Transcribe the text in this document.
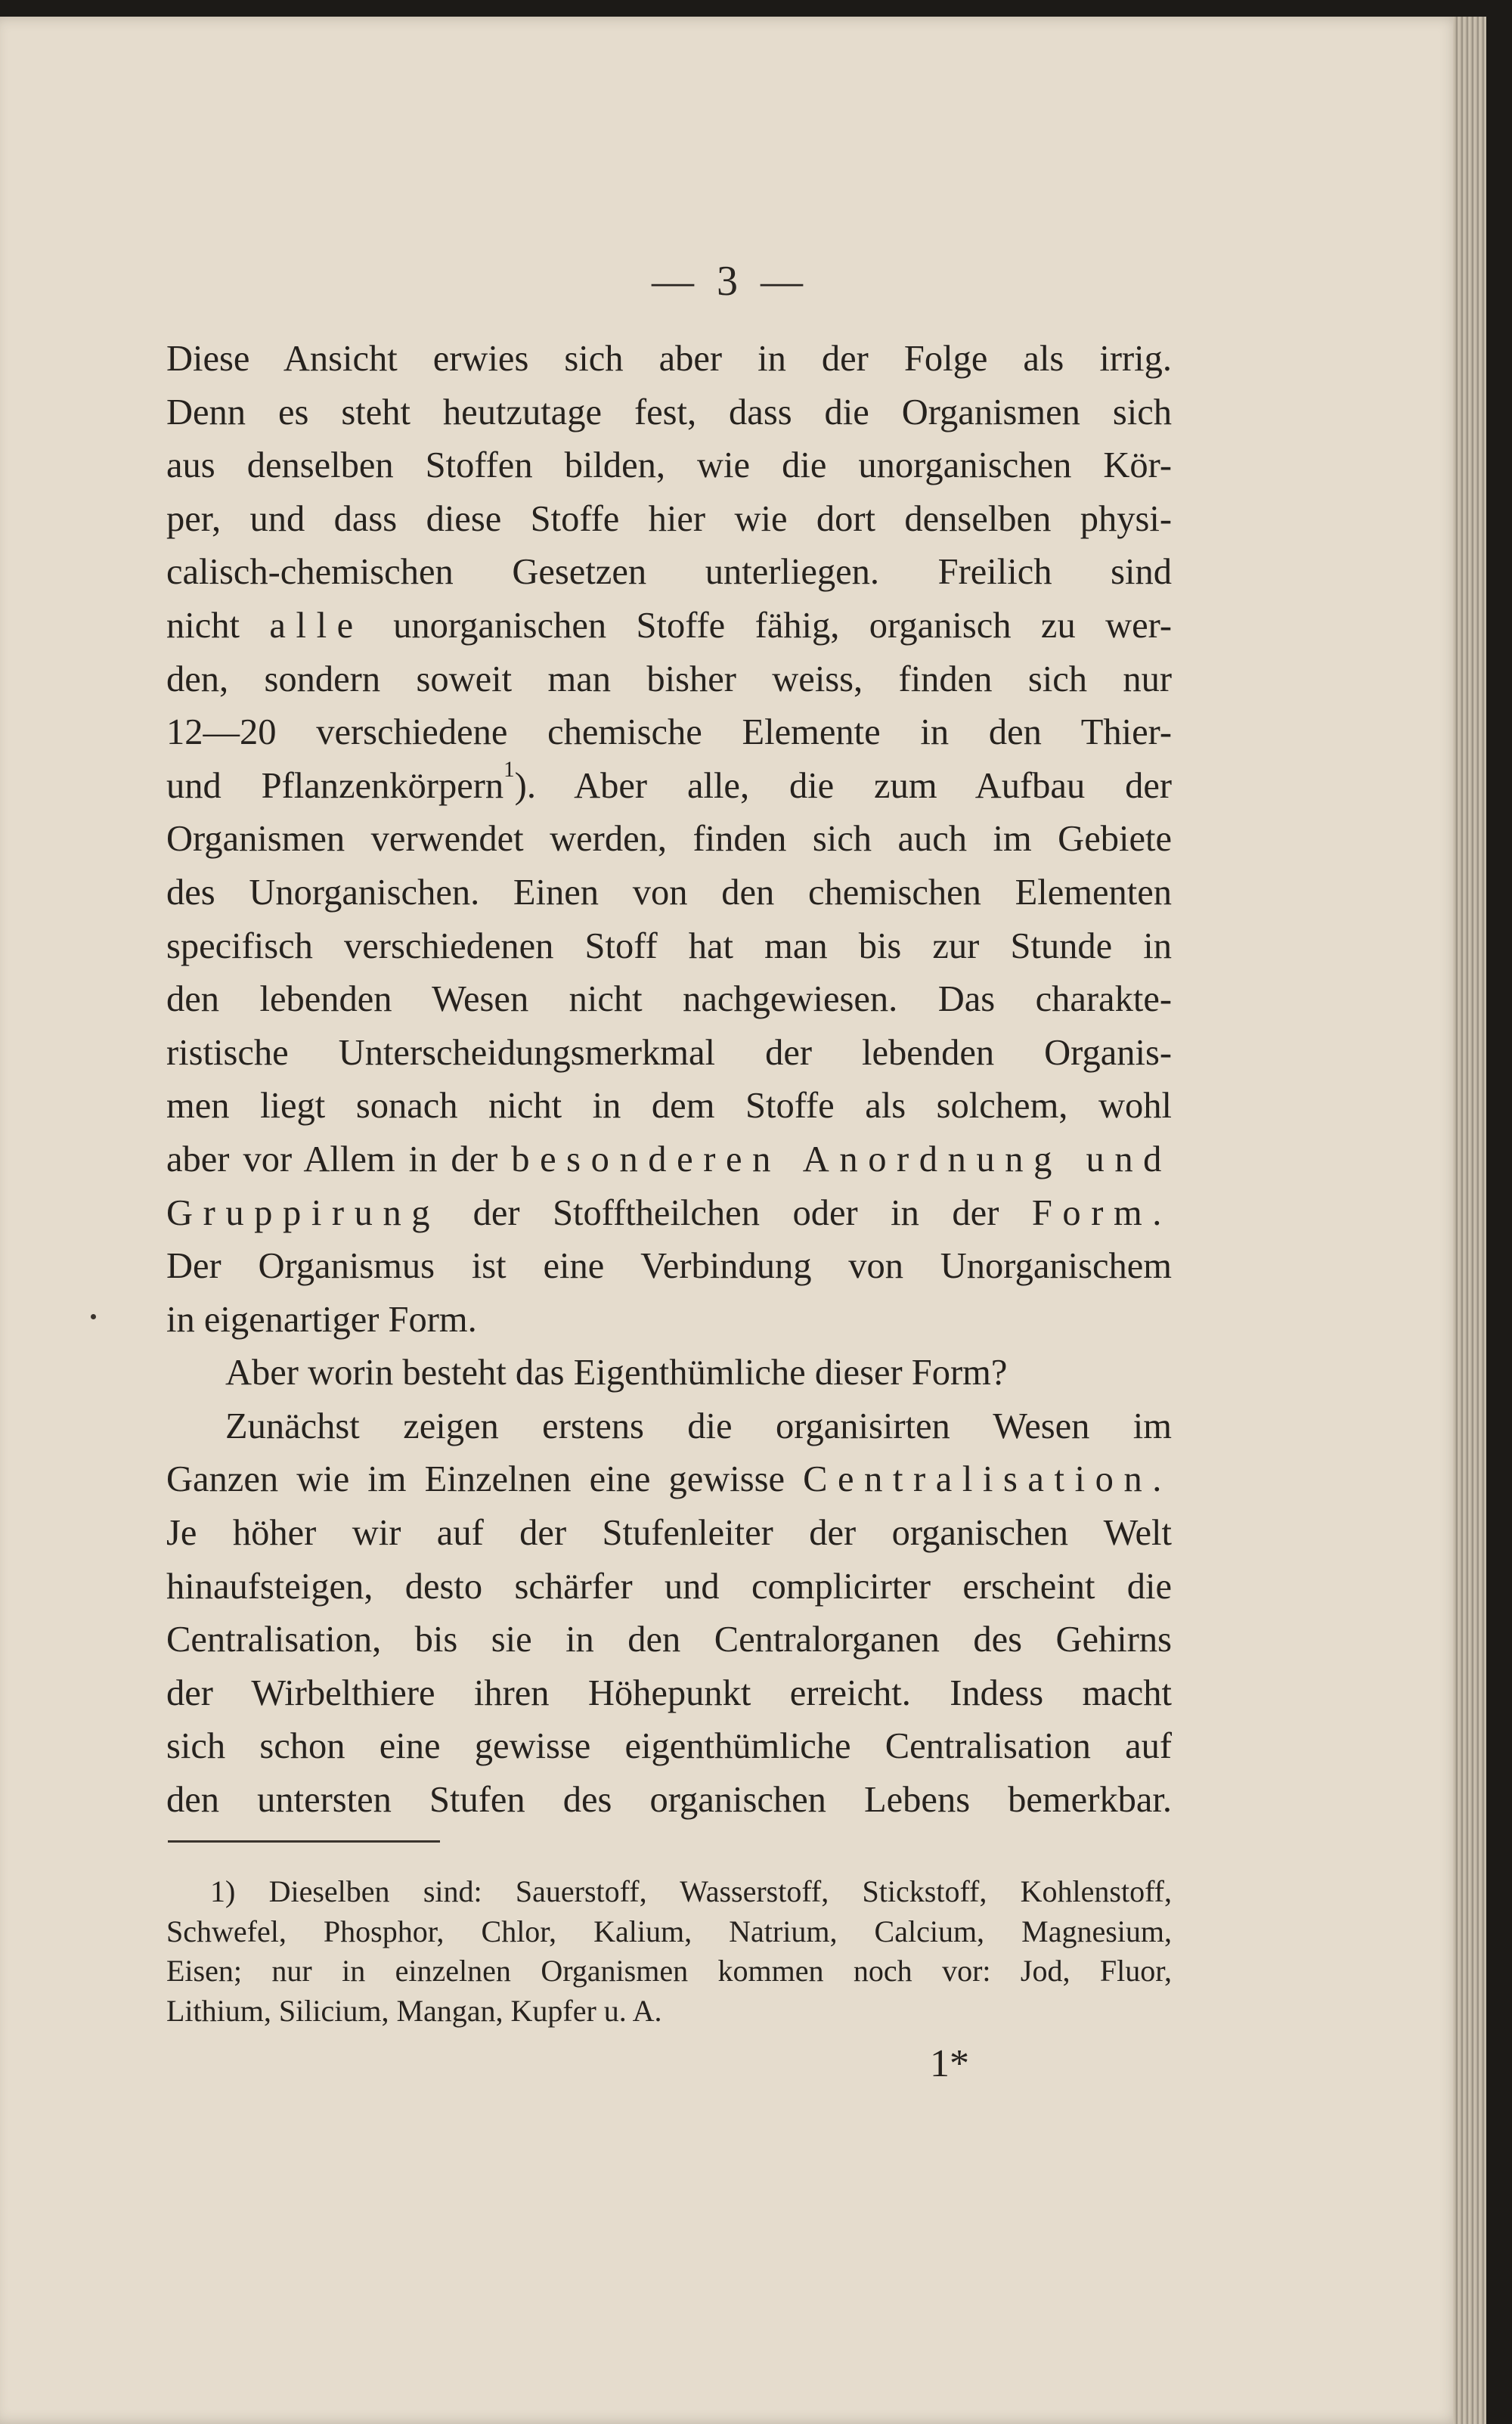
— 3 —
Diese Ansicht erwies sich aber in der Folge als irrig.
Denn es steht heutzutage fest, dass die Organismen sich
aus denselben Stoffen bilden, wie die unorganischen Kör-
per, und dass diese Stoffe hier wie dort denselben physi-
calisch-chemischen Gesetzen unterliegen. Freilich sind
nicht alle unorganischen Stoffe fähig, organisch zu wer-
den, sondern soweit man bisher weiss, finden sich nur
12—20 verschiedene chemische Elemente in den Thier-
und Pflanzenkörpern$^1$). Aber alle, die zum Aufbau der
Organismen verwendet werden, finden sich auch im Gebiete
des Unorganischen. Einen von den chemischen Elementen
specifisch verschiedenen Stoff hat man bis zur Stunde in
den lebenden Wesen nicht nachgewiesen. Das charakte-
ristische Unterscheidungsmerkmal der lebenden Organis-
men liegt sonach nicht in dem Stoffe als solchem, wohl
aber vor Allem in der besonderen Anordnung und
Gruppirung der Stofftheilchen oder in der Form.
Der Organismus ist eine Verbindung von Unorganischem
in eigenartiger Form.
Aber worin besteht das Eigenthümliche dieser Form?
Zunächst zeigen erstens die organisirten Wesen im
Ganzen wie im Einzelnen eine gewisse Centralisation.
Je höher wir auf der Stufenleiter der organischen Welt
hinaufsteigen, desto schärfer und complicirter erscheint die
Centralisation, bis sie in den Centralorganen des Gehirns
der Wirbelthiere ihren Höhepunkt erreicht. Indess macht
sich schon eine gewisse eigenthümliche Centralisation auf
den untersten Stufen des organischen Lebens bemerkbar.
1) Dieselben sind: Sauerstoff, Wasserstoff, Stickstoff, Kohlenstoff,
Schwefel, Phosphor, Chlor, Kalium, Natrium, Calcium, Magnesium,
Eisen; nur in einzelnen Organismen kommen noch vor: Jod, Fluor,
Lithium, Silicium, Mangan, Kupfer u. A.
1*
